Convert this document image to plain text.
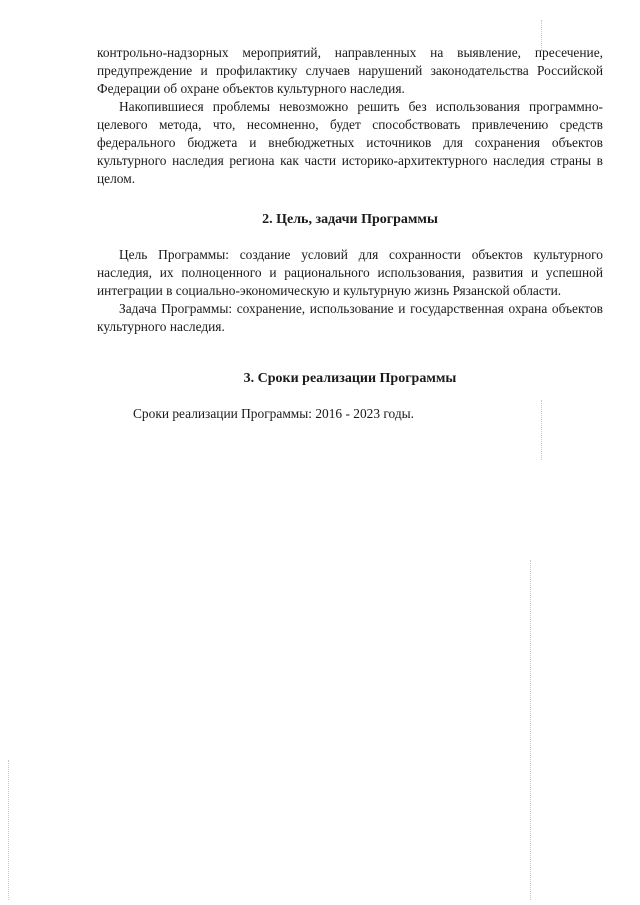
контрольно-надзорных мероприятий, направленных на выявление, пресечение, предупреждение и профилактику случаев нарушений законодательства Российской Федерации об охране объектов культурного наследия.

Накопившиеся проблемы невозможно решить без использования программно-целевого метода, что, несомненно, будет способствовать привлечению средств федерального бюджета и внебюджетных источников для сохранения объектов культурного наследия региона как части историко-архитектурного наследия страны в целом.

2. Цель, задачи Программы

Цель Программы: создание условий для сохранности объектов культурного наследия, их полноценного и рационального использования, развития и успешной интеграции в социально-экономическую и культурную жизнь Рязанской области.

Задача Программы: сохранение, использование и государственная охрана объектов культурного наследия.

3. Сроки реализации Программы

Сроки реализации Программы: 2016 - 2023 годы.
